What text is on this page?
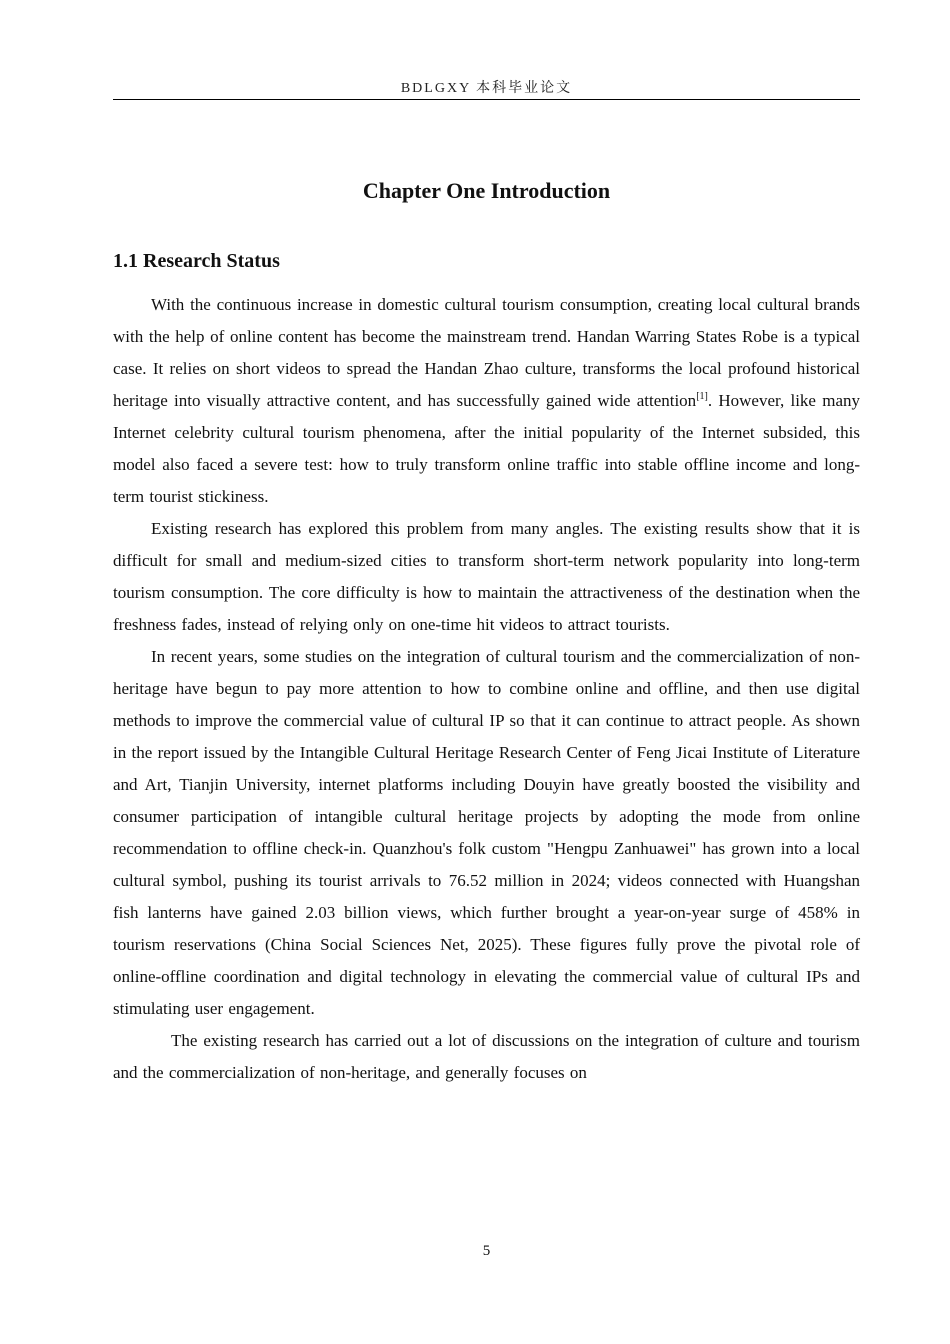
BDLGXY 本科毕业论文
Chapter One Introduction
1.1 Research Status

With the continuous increase in domestic cultural tourism consumption, creating local cultural brands with the help of online content has become the mainstream trend. Handan Warring States Robe is a typical case. It relies on short videos to spread the Handan Zhao culture, transforms the local profound historical heritage into visually attractive content, and has successfully gained wide attention[1]. However, like many Internet celebrity cultural tourism phenomena, after the initial popularity of the Internet subsided, this model also faced a severe test: how to truly transform online traffic into stable offline income and long-term tourist stickiness.

Existing research has explored this problem from many angles. The existing results show that it is difficult for small and medium-sized cities to transform short-term network popularity into long-term tourism consumption. The core difficulty is how to maintain the attractiveness of the destination when the freshness fades, instead of relying only on one-time hit videos to attract tourists.

In recent years, some studies on the integration of cultural tourism and the commercialization of non-heritage have begun to pay more attention to how to combine online and offline, and then use digital methods to improve the commercial value of cultural IP so that it can continue to attract people. As shown in the report issued by the Intangible Cultural Heritage Research Center of Feng Jicai Institute of Literature and Art, Tianjin University, internet platforms including Douyin have greatly boosted the visibility and consumer participation of intangible cultural heritage projects by adopting the mode from online recommendation to offline check-in. Quanzhou's folk custom "Hengpu Zanhuawei" has grown into a local cultural symbol, pushing its tourist arrivals to 76.52 million in 2024; videos connected with Huangshan fish lanterns have gained 2.03 billion views, which further brought a year-on-year surge of 458% in tourism reservations (China Social Sciences Net, 2025). These figures fully prove the pivotal role of online-offline coordination and digital technology in elevating the commercial value of cultural IPs and stimulating user engagement.

The existing research has carried out a lot of discussions on the integration of culture and tourism and the commercialization of non-heritage, and generally focuses on

5
